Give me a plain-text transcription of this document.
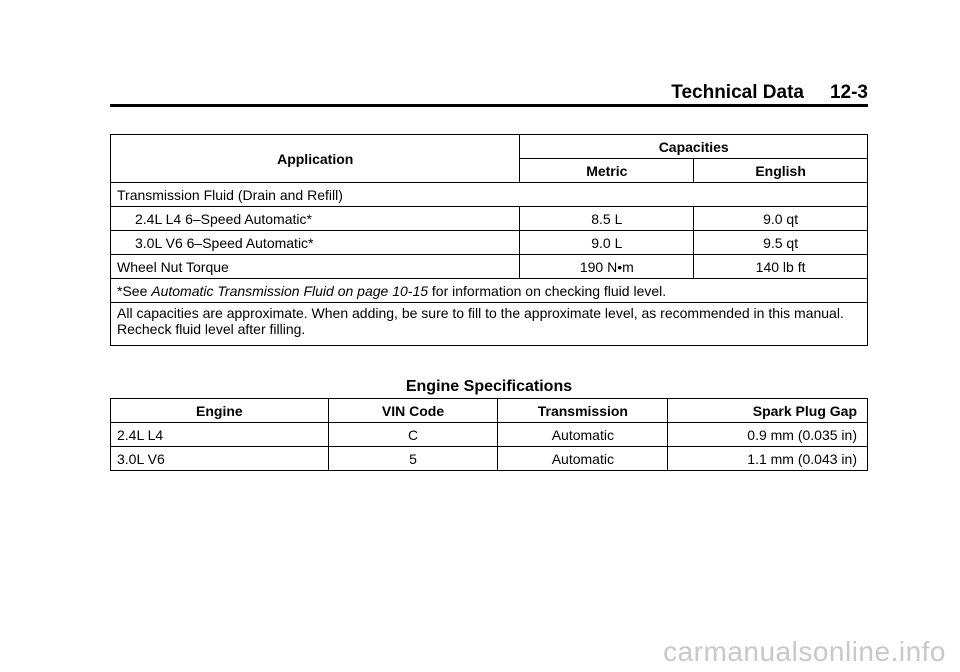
Technical Data 12-3
Application	Capacities	
	Metric	English
Transmission Fluid (Drain and Refill)		
2.4L L4 6–Speed Automatic*	8.5 L	9.0 qt
3.0L V6 6–Speed Automatic*	9.0 L	9.5 qt
Wheel Nut Torque	190 N•m	140 lb ft
*See Automatic Transmission Fluid on page 10-15 for information on checking fluid level.		
All capacities are approximate. When adding, be sure to fill to the approximate level, as recommended in this manual. Recheck fluid level after filling.		
Engine Specifications
Engine	VIN Code	Transmission	Spark Plug Gap
2.4L L4	C	Automatic	0.9 mm (0.035 in)
3.0L V6	5	Automatic	1.1 mm (0.043 in)
carmanualsonline.info
